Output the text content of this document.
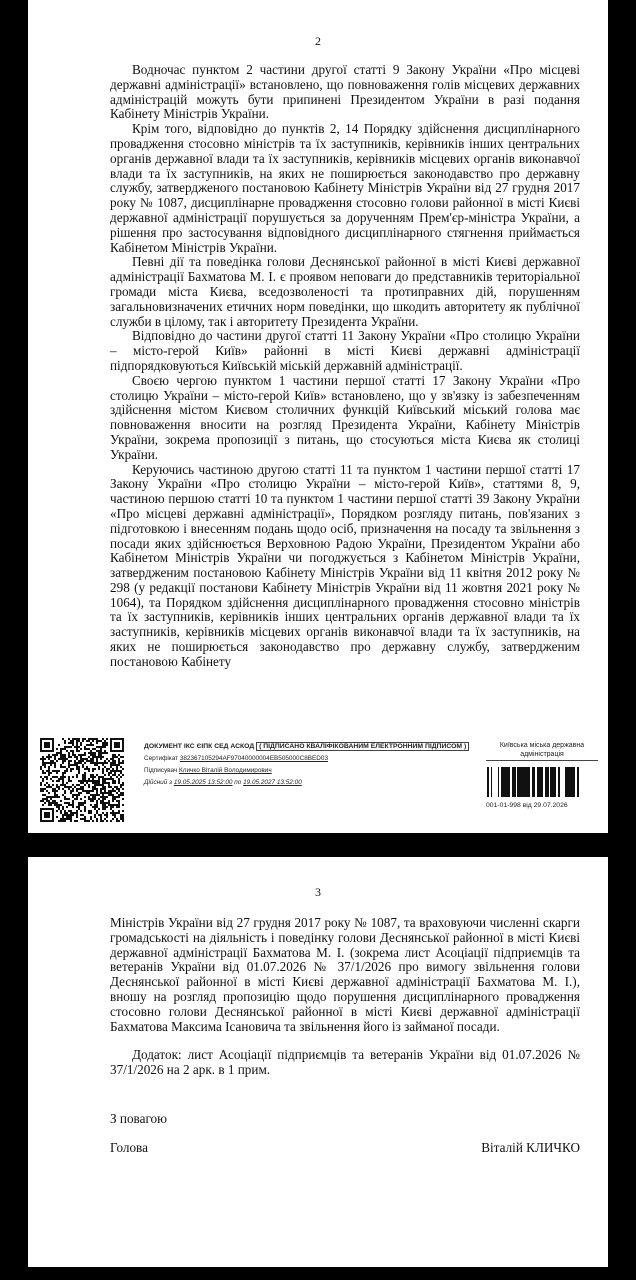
2

Водночас пунктом 2 частини другої статті 9 Закону України «Про місцеві державні адміністрації» встановлено, що повноваження голів місцевих державних адміністрацій можуть бути припинені Президентом України в разі подання Кабінету Міністрів України.

Крім того, відповідно до пунктів 2, 14 Порядку здійснення дисциплінарного провадження стосовно міністрів та їх заступників, керівників інших центральних органів державної влади та їх заступників, керівників місцевих органів виконавчої влади та їх заступників, на яких не поширюється законодавство про державну службу, затвердженого постановою Кабінету Міністрів України від 27 грудня 2017 року № 1087, дисциплінарне провадження стосовно голови районної в місті Києві державної адміністрації порушується за дорученням Прем'єр-міністра України, а рішення про застосування відповідного дисциплінарного стягнення приймається Кабінетом Міністрів України.

Певні дії та поведінка голови Деснянської районної в місті Києві державної адміністрації Бахматова М. І. є проявом неповаги до представників територіальної громади міста Києва, вседозволеності та протиправних дій, порушенням загальновизначених етичних норм поведінки, що шкодить авторитету як публічної служби в цілому, так і авторитету Президента України.

Відповідно до частини другої статті 11 Закону України «Про столицю України – місто-герой Київ» районні в місті Києві державні адміністрації підпорядковуються Київській міській державній адміністрації.

Своєю чергою пунктом 1 частини першої статті 17 Закону України «Про столицю України – місто-герой Київ» встановлено, що у зв'язку із забезпеченням здійснення містом Києвом столичних функцій Київський міський голова має повноваження вносити на розгляд Президента України, Кабінету Міністрів України, зокрема пропозиції з питань, що стосуються міста Києва як столиці України.

Керуючись частиною другою статті 11 та пунктом 1 частини першої статті 17 Закону України «Про столицю України – місто-герой Київ», статтями 8, 9, частиною першою статті 10 та пунктом 1 частини першої статті 39 Закону України «Про місцеві державні адміністрації», Порядком розгляду питань, пов'язаних з підготовкою і внесенням подань щодо осіб, призначення на посаду та звільнення з посади яких здійснюється Верховною Радою України, Президентом України або Кабінетом Міністрів України чи погоджується з Кабінетом Міністрів України, затвердженим постановою Кабінету Міністрів України від 11 квітня 2012 року № 298 (у редакції постанови Кабінету Міністрів України від 11 жовтня 2021 року № 1064), та Порядком здійснення дисциплінарного провадження стосовно міністрів та їх заступників, керівників інших центральних органів державної влади та їх заступників, керівників місцевих органів виконавчої влади та їх заступників, на яких не поширюється законодавство про державну службу, затвердженим постановою Кабінету

ДОКУМЕНТ ІКС ЄІПК СЕД АСКОД ( ПІДПИСАНО КВАЛІФІКОВАНИМ ЕЛЕКТРОННИМ ПІДПИСОМ )
Сертифікат 382367105294AF97040000004EB505000C8BED03
Підписувач Кличко Віталій Володимирович
Дійсний з 19.05.2025 13:52:00 по 19.05.2027 13:52:00
Київська міська державна
адміністрація
001-01-998 від 29.07.2026
3

Міністрів України від 27 грудня 2017 року № 1087, та враховуючи численні скарги громадськості на діяльність і поведінку голови Деснянської районної в місті Києві державної адміністрації Бахматова М. І. (зокрема лист Асоціації підприємців та ветеранів України від 01.07.2026 № 37/1/2026 про вимогу звільнення голови Деснянської районної в місті Києві державної адміністрації Бахматова М. І.), вношу на розгляд пропозицію щодо порушення дисциплінарного провадження стосовно голови Деснянської районної в місті Києві державної адміністрації Бахматова Максима Ісановича та звільнення його із займаної посади.

Додаток: лист Асоціації підприємців та ветеранів України від 01.07.2026 № 37/1/2026 на 2 арк. в 1 прим.

З повагою

Голова	Віталій КЛИЧКО
